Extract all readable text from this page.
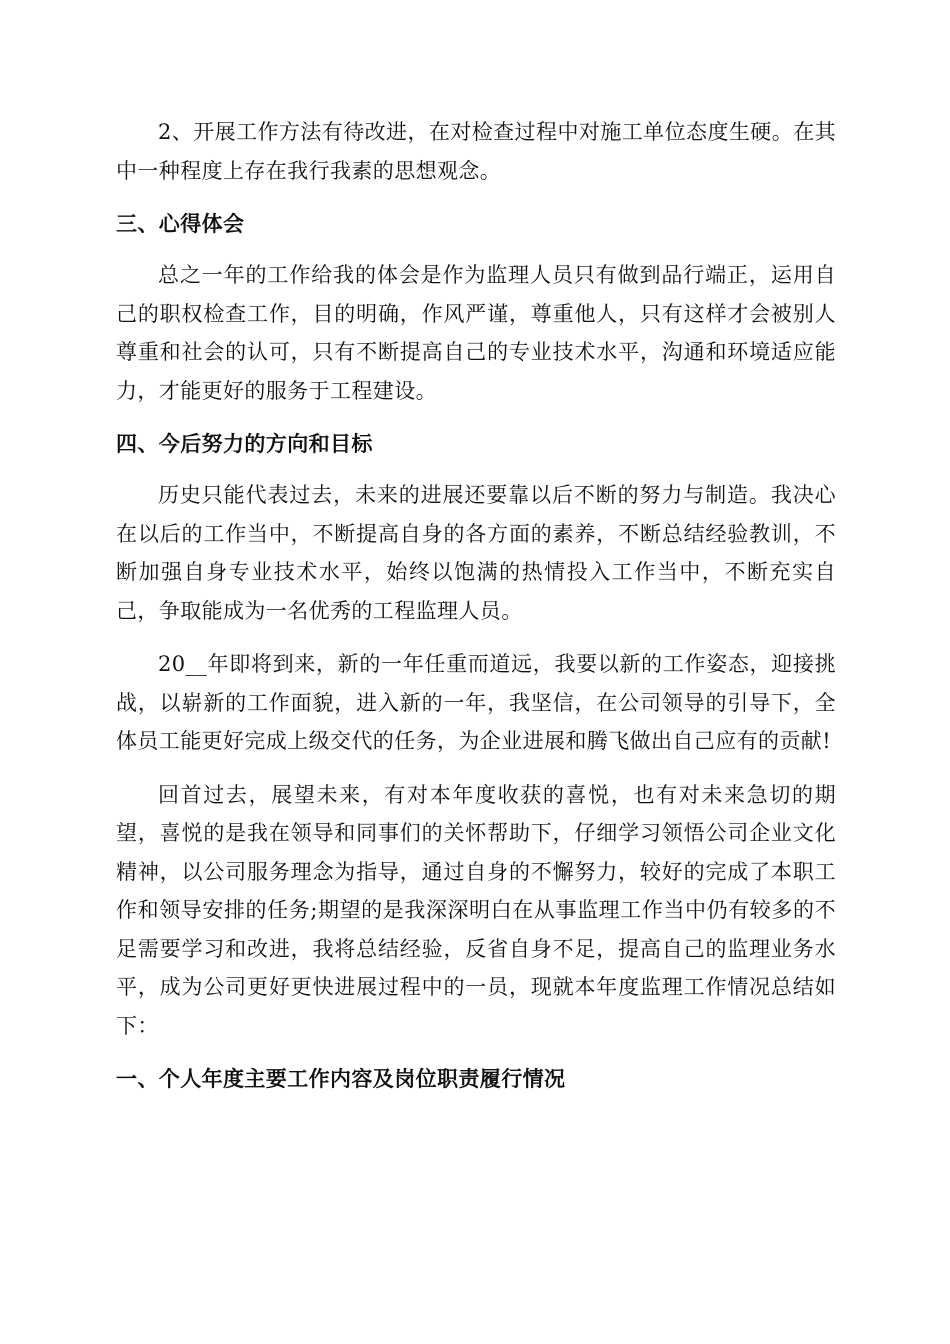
2、开展工作方法有待改进，在对检查过程中对施工单位态度生硬。在其中一种程度上存在我行我素的思想观念。

三、心得体会

总之一年的工作给我的体会是作为监理人员只有做到品行端正，运用自己的职权检查工作，目的明确，作风严谨，尊重他人，只有这样才会被别人尊重和社会的认可，只有不断提高自己的专业技术水平，沟通和环境适应能力，才能更好的服务于工程建设。

四、今后努力的方向和目标

历史只能代表过去，未来的进展还要靠以后不断的努力与制造。我决心在以后的工作当中，不断提高自身的各方面的素养，不断总结经验教训，不断加强自身专业技术水平，始终以饱满的热情投入工作当中，不断充实自己，争取能成为一名优秀的工程监理人员。

20__年即将到来，新的一年任重而道远，我要以新的工作姿态，迎接挑战，以崭新的工作面貌，进入新的一年，我坚信，在公司领导的引导下，全体员工能更好完成上级交代的任务，为企业进展和腾飞做出自己应有的贡献!

回首过去，展望未来，有对本年度收获的喜悦，也有对未来急切的期望，喜悦的是我在领导和同事们的关怀帮助下，仔细学习领悟公司企业文化精神，以公司服务理念为指导，通过自身的不懈努力，较好的完成了本职工作和领导安排的任务;期望的是我深深明白在从事监理工作当中仍有较多的不足需要学习和改进，我将总结经验，反省自身不足，提高自己的监理业务水平，成为公司更好更快进展过程中的一员，现就本年度监理工作情况总结如下：

一、个人年度主要工作内容及岗位职责履行情况
